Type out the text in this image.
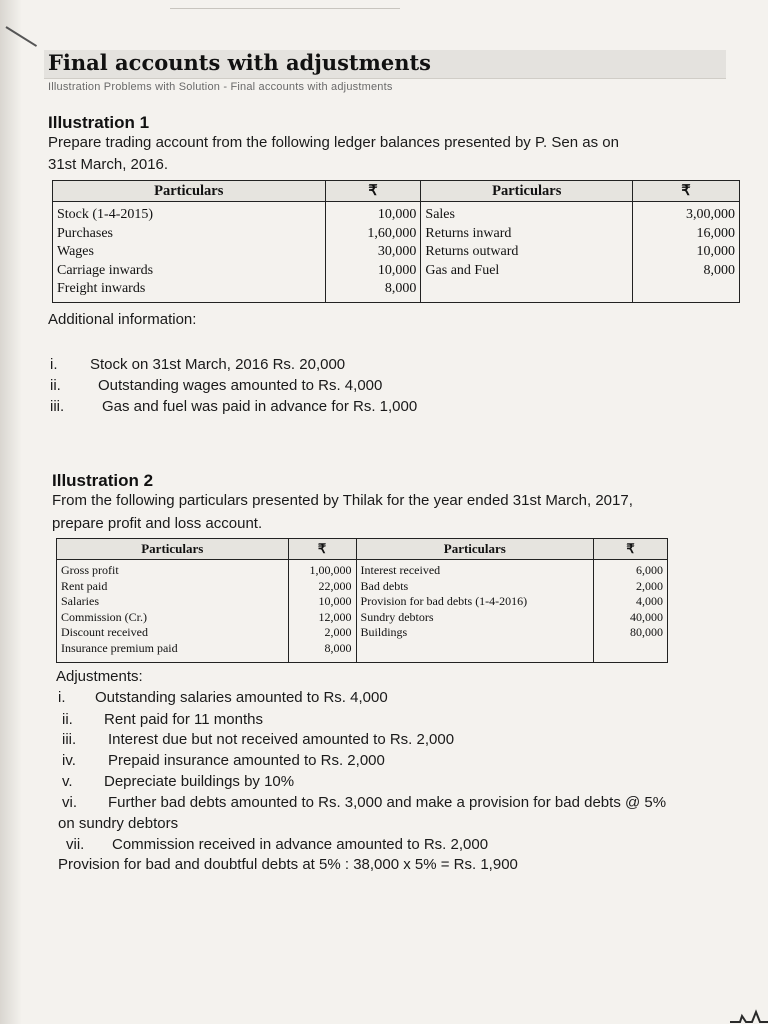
Final accounts with adjustments
Illustration Problems with Solution - Final accounts with adjustments
Illustration 1
Prepare trading account from the following ledger balances presented by P. Sen as on
31st March, 2016.
Particulars	₹	Particulars	₹
Stock (1-4-2015)	10,000	Sales	3,00,000
Purchases	1,60,000	Returns inward	16,000
Wages	30,000	Returns outward	10,000
Carriage inwards	10,000	Gas and Fuel	8,000
Freight inwards	8,000		
Additional information:
i. Stock on 31st March, 2016 Rs. 20,000
ii. Outstanding wages amounted to Rs. 4,000
iii.	Gas and fuel was paid in advance for Rs. 1,000
Illustration 2
From the following particulars presented by Thilak for the year ended 31st March, 2017,
prepare profit and loss account.
Particulars	₹	Particulars	₹
Gross profit	1,00,000	Interest received	6,000
Rent paid	22,000	Bad debts	2,000
Salaries	10,000	Provision for bad debts (1-4-2016)	4,000
Commission (Cr.)	12,000	Sundry debtors	40,000
Discount received	2,000	Buildings	80,000
Insurance premium paid	8,000		
Adjustments:
i. Outstanding salaries amounted to Rs. 4,000
ii. Rent paid for 11 months
iii. Interest due but not received amounted to Rs. 2,000
iv. Prepaid insurance amounted to Rs. 2,000
v. Depreciate buildings by 10%
vi. Further bad debts amounted to Rs. 3,000 and make a provision for bad debts @ 5%
on sundry debtors
vii. Commission received in advance amounted to Rs. 2,000
Provision for bad and doubtful debts at 5% : 38,000 x 5% = Rs. 1,900
